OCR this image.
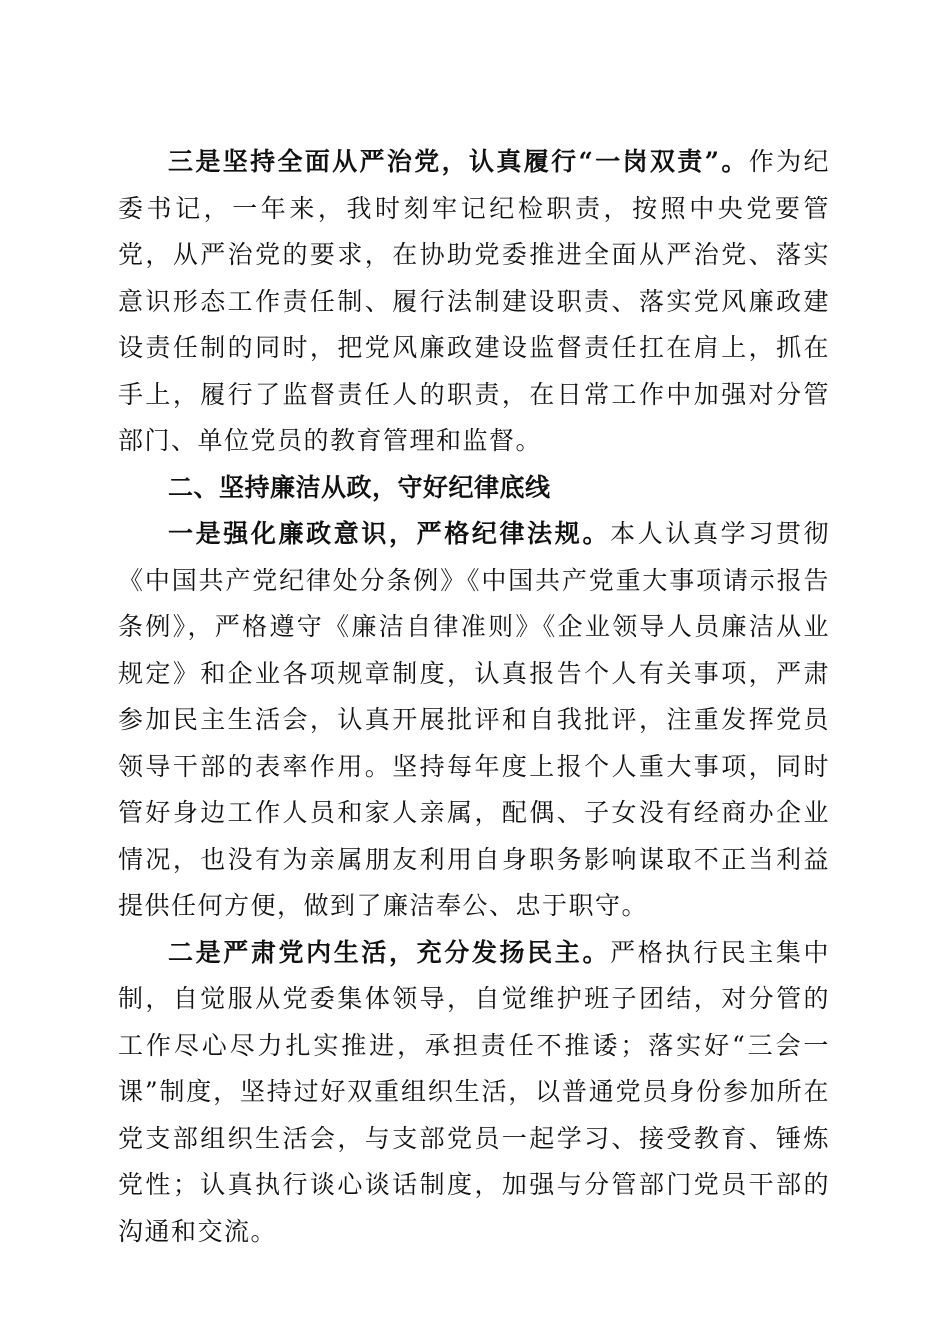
三是坚持全面从严治党，认真履行“一岗双责”。作为纪委书记，一年来，我时刻牢记纪检职责，按照中央党要管党，从严治党的要求，在协助党委推进全面从严治党、落实意识形态工作责任制、履行法制建设职责、落实党风廉政建设责任制的同时，把党风廉政建设监督责任扛在肩上，抓在手上，履行了监督责任人的职责，在日常工作中加强对分管部门、单位党员的教育管理和监督。

二、坚持廉洁从政，守好纪律底线

一是强化廉政意识，严格纪律法规。本人认真学习贯彻《中国共产党纪律处分条例》《中国共产党重大事项请示报告条例》，严格遵守《廉洁自律准则》《企业领导人员廉洁从业规定》和企业各项规章制度，认真报告个人有关事项，严肃参加民主生活会，认真开展批评和自我批评，注重发挥党员领导干部的表率作用。坚持每年度上报个人重大事项，同时管好身边工作人员和家人亲属，配偶、子女没有经商办企业情况，也没有为亲属朋友利用自身职务影响谋取不正当利益提供任何方便，做到了廉洁奉公、忠于职守。

二是严肃党内生活，充分发扬民主。严格执行民主集中制，自觉服从党委集体领导，自觉维护班子团结，对分管的工作尽心尽力扎实推进，承担责任不推诿；落实好“三会一课”制度，坚持过好双重组织生活，以普通党员身份参加所在党支部组织生活会，与支部党员一起学习、接受教育、锤炼党性；认真执行谈心谈话制度，加强与分管部门党员干部的沟通和交流。
